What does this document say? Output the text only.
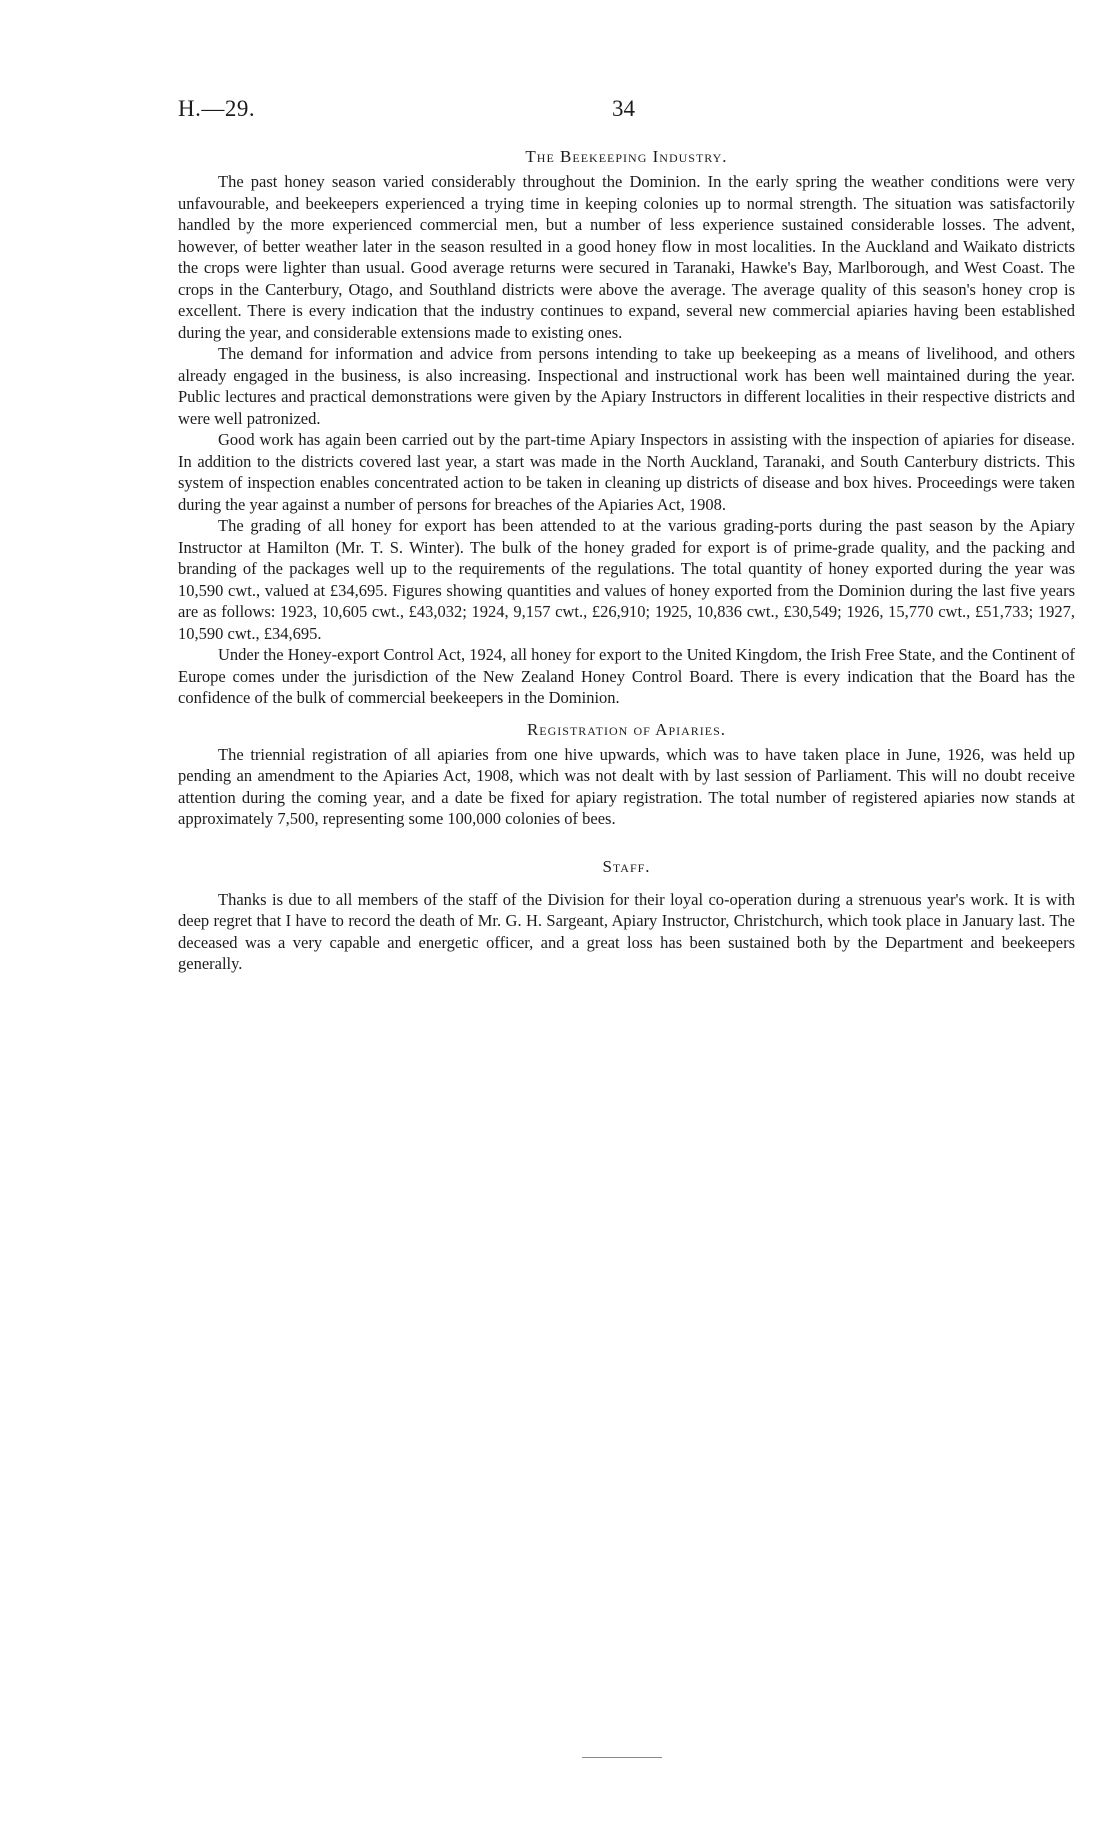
H.—29.	34
The Beekeeping Industry.

The past honey season varied considerably throughout the Dominion. In the early spring the weather conditions were very unfavourable, and beekeepers experienced a trying time in keeping colonies up to normal strength. The situation was satisfactorily handled by the more experienced commercial men, but a number of less experience sustained considerable losses. The advent, however, of better weather later in the season resulted in a good honey flow in most localities. In the Auckland and Waikato districts the crops were lighter than usual. Good average returns were secured in Taranaki, Hawke's Bay, Marlborough, and West Coast. The crops in the Canterbury, Otago, and Southland districts were above the average. The average quality of this season's honey crop is excellent. There is every indication that the industry continues to expand, several new commercial apiaries having been established during the year, and considerable extensions made to existing ones.

The demand for information and advice from persons intending to take up beekeeping as a means of livelihood, and others already engaged in the business, is also increasing. Inspectional and instructional work has been well maintained during the year. Public lectures and practical demonstrations were given by the Apiary Instructors in different localities in their respective districts and were well patronized.

Good work has again been carried out by the part-time Apiary Inspectors in assisting with the inspection of apiaries for disease. In addition to the districts covered last year, a start was made in the North Auckland, Taranaki, and South Canterbury districts. This system of inspection enables concentrated action to be taken in cleaning up districts of disease and box hives. Proceedings were taken during the year against a number of persons for breaches of the Apiaries Act, 1908.

The grading of all honey for export has been attended to at the various grading-ports during the past season by the Apiary Instructor at Hamilton (Mr. T. S. Winter). The bulk of the honey graded for export is of prime-grade quality, and the packing and branding of the packages well up to the requirements of the regulations. The total quantity of honey exported during the year was 10,590 cwt., valued at £34,695. Figures showing quantities and values of honey exported from the Dominion during the last five years are as follows: 1923, 10,605 cwt., £43,032; 1924, 9,157 cwt., £26,910; 1925, 10,836 cwt., £30,549; 1926, 15,770 cwt., £51,733; 1927, 10,590 cwt., £34,695.

Under the Honey-export Control Act, 1924, all honey for export to the United Kingdom, the Irish Free State, and the Continent of Europe comes under the jurisdiction of the New Zealand Honey Control Board. There is every indication that the Board has the confidence of the bulk of commercial beekeepers in the Dominion.

Registration of Apiaries.

The triennial registration of all apiaries from one hive upwards, which was to have taken place in June, 1926, was held up pending an amendment to the Apiaries Act, 1908, which was not dealt with by last session of Parliament. This will no doubt receive attention during the coming year, and a date be fixed for apiary registration. The total number of registered apiaries now stands at approximately 7,500, representing some 100,000 colonies of bees.

Staff.

Thanks is due to all members of the staff of the Division for their loyal co-operation during a strenuous year's work. It is with deep regret that I have to record the death of Mr. G. H. Sargeant, Apiary Instructor, Christchurch, which took place in January last. The deceased was a very capable and energetic officer, and a great loss has been sustained both by the Department and beekeepers generally.
